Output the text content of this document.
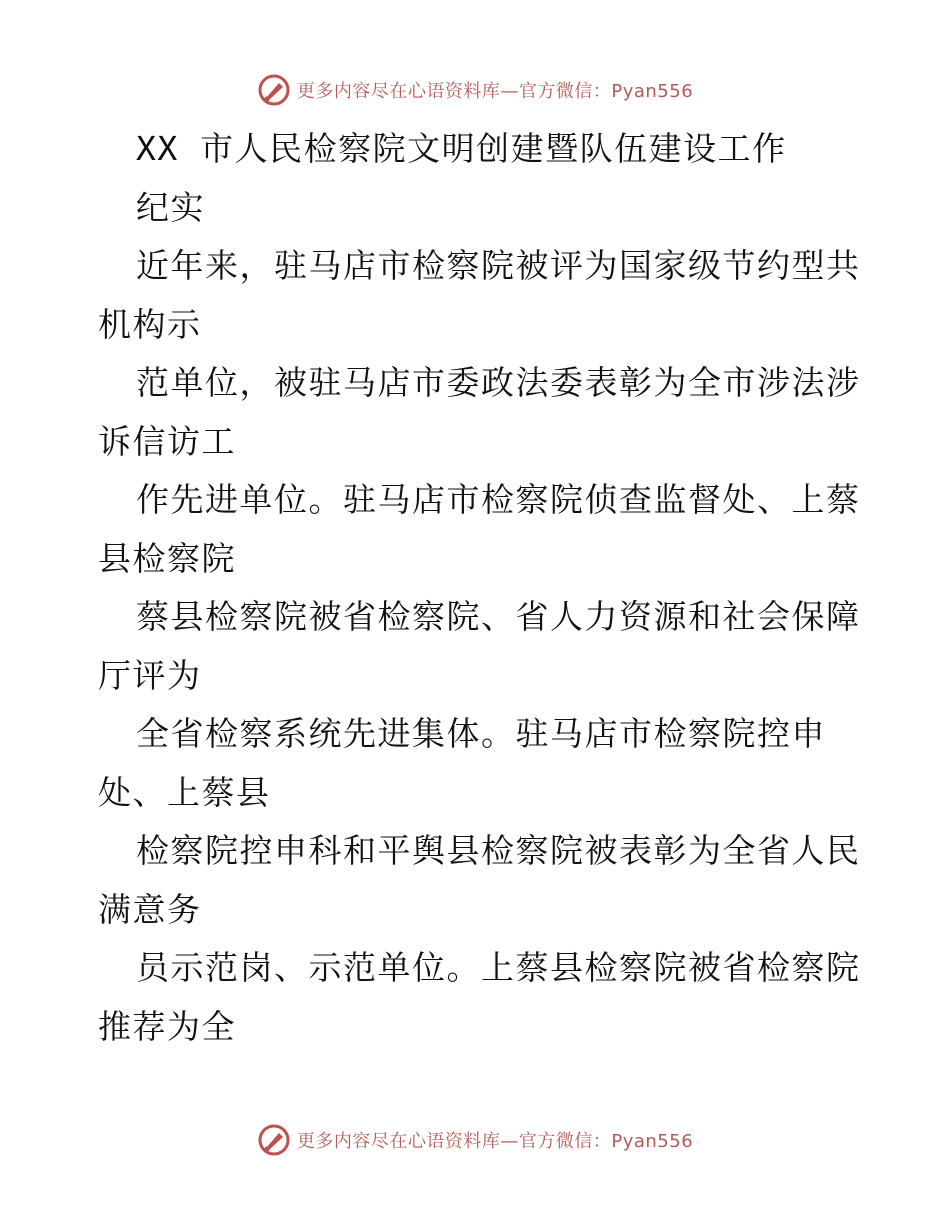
更多内容尽在心语资料库—官方微信：Pyan556
XX 市人民检察院文明创建暨队伍建设工作
纪实
近年来，驻马店市检察院被评为国家级节约型共
机构示
范单位，被驻马店市委政法委表彰为全市涉法涉
诉信访工
作先进单位。驻马店市检察院侦查监督处、上蔡
县检察院
蔡县检察院被省检察院、省人力资源和社会保障
厅评为
全省检察系统先进集体。驻马店市检察院控申
处、上蔡县
检察院控申科和平舆县检察院被表彰为全省人民
满意务
员示范岗、示范单位。上蔡县检察院被省检察院
推荐为全
更多内容尽在心语资料库—官方微信：Pyan556
